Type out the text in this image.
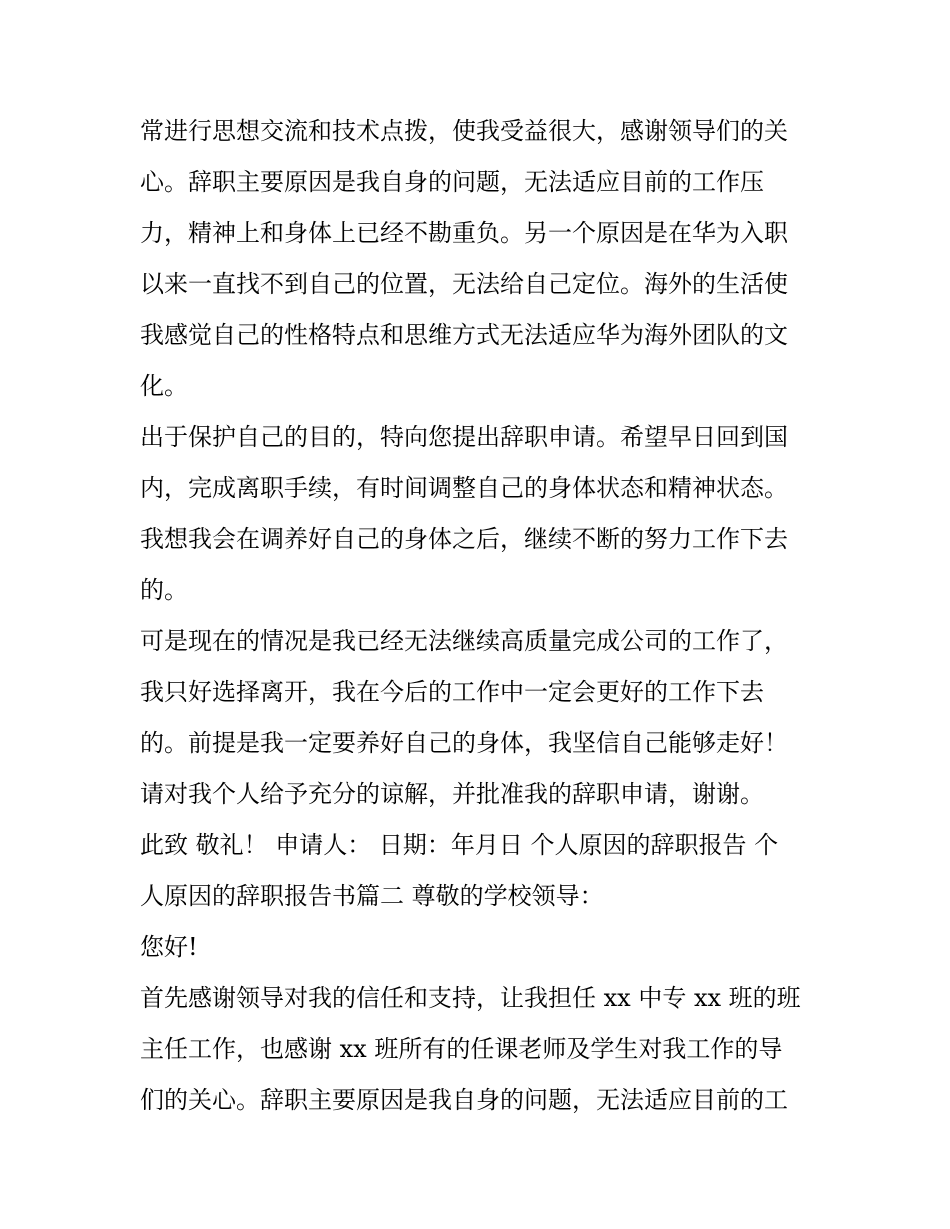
常进行思想交流和技术点拨，使我受益很大，感谢领导们的关
心。辞职主要原因是我自身的问题，无法适应目前的工作压
力，精神上和身体上已经不勘重负。另一个原因是在华为入职
以来一直找不到自己的位置，无法给自己定位。海外的生活使
我感觉自己的性格特点和思维方式无法适应华为海外团队的文
化。
出于保护自己的目的，特向您提出辞职申请。希望早日回到国
内，完成离职手续，有时间调整自己的身体状态和精神状态。
我想我会在调养好自己的身体之后，继续不断的努力工作下去
的。
可是现在的情况是我已经无法继续高质量完成公司的工作了，
我只好选择离开，我在今后的工作中一定会更好的工作下去
的。前提是我一定要养好自己的身体，我坚信自己能够走好！
请对我个人给予充分的谅解，并批准我的辞职申请，谢谢。
此致 敬礼！ 申请人： 日期：年月日 个人原因的辞职报告 个
人原因的辞职报告书篇二 尊敬的学校领导：
您好!
首先感谢领导对我的信任和支持，让我担任 xx 中专 xx 班的班
主任工作，也感谢 xx 班所有的任课老师及学生对我工作的导
们的关心。辞职主要原因是我自身的问题，无法适应目前的工
